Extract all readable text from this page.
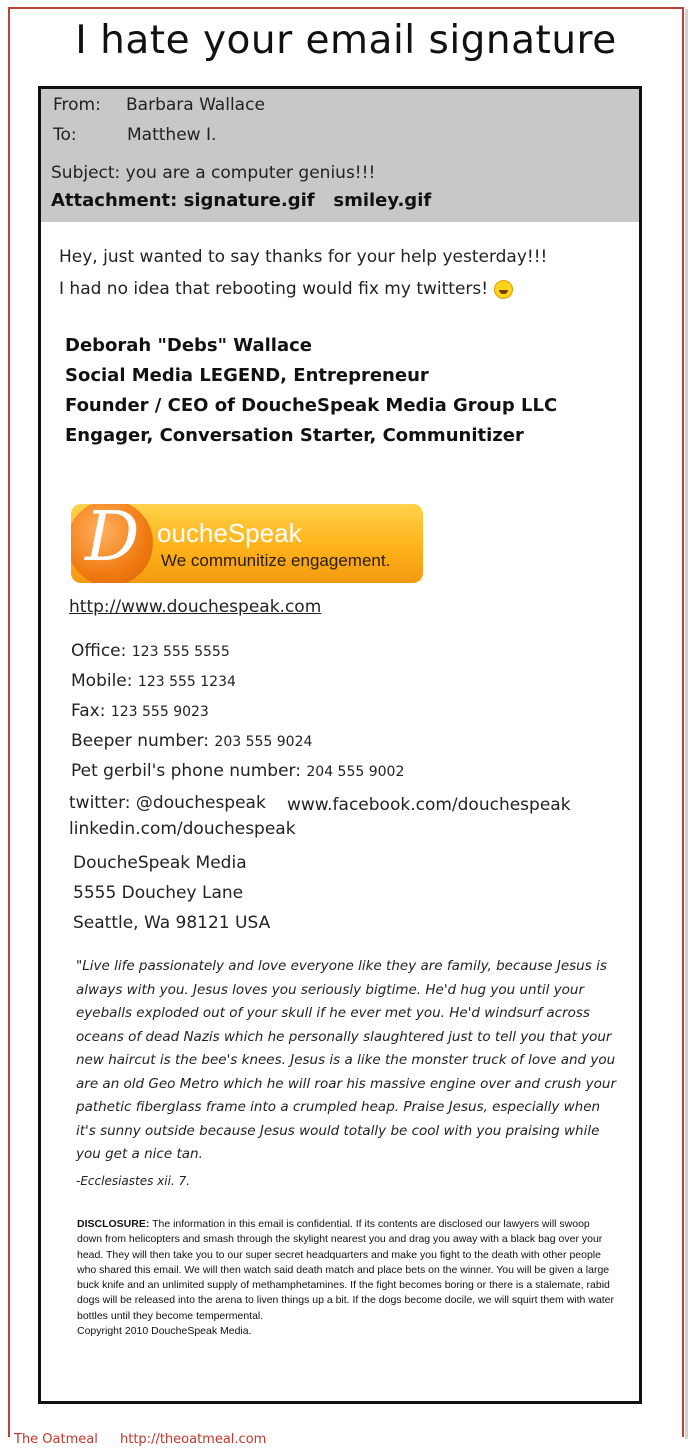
I hate your email signature
From: Barbara Wallace
To:	Matthew I.
Subject: you are a computer genius!!!
Attachment: signature.gif   smiley.gif
Hey, just wanted to say thanks for your help yesterday!!!
I had no idea that rebooting would fix my twitters!
Deborah "Debs" Wallace
Social Media LEGEND, Entrepreneur
Founder / CEO of DoucheSpeak Media Group LLC
Engager, Conversation Starter, Communitizer
D oucheSpeak
We communitize engagement.
http://www.douchespeak.com
Office: 123 555 5555
Mobile: 123 555 1234
Fax: 123 555 9023
Beeper number: 203 555 9024
Pet gerbil's phone number: 204 555 9002
twitter: @douchespeak www.facebook.com/douchespeak
linkedin.com/douchespeak
DoucheSpeak Media
5555 Douchey Lane
Seattle, Wa 98121 USA
"Live life passionately and love everyone like they are family, because Jesus is always with you. Jesus loves you seriously bigtime. He'd hug you until your eyeballs exploded out of your skull if he ever met you. He'd windsurf across oceans of dead Nazis which he personally slaughtered just to tell you that your new haircut is the bee's knees. Jesus is a like the monster truck of love and you are an old Geo Metro which he will roar his massive engine over and crush your pathetic fiberglass frame into a crumpled heap. Praise Jesus, especially when it's sunny outside because Jesus would totally be cool with you praising while you get a nice tan.
-Ecclesiastes xii. 7.
DISCLOSURE: The information in this email is confidential. If its contents are disclosed our lawyers will swoop down from helicopters and smash through the skylight nearest you and drag you away with a black bag over your head. They will then take you to our super secret headquarters and make you fight to the death with other people who shared this email. We will then watch said death match and place bets on the winner. You will be given a large buck knife and an unlimited supply of methamphetamines. If the fight becomes boring or there is a stalemate, rabid dogs will be released into the arena to liven things up a bit. If the dogs become docile, we will squirt them with water bottles until they become tempermental.
Copyright 2010 DoucheSpeak Media.
The Oatmeal http://theoatmeal.com
